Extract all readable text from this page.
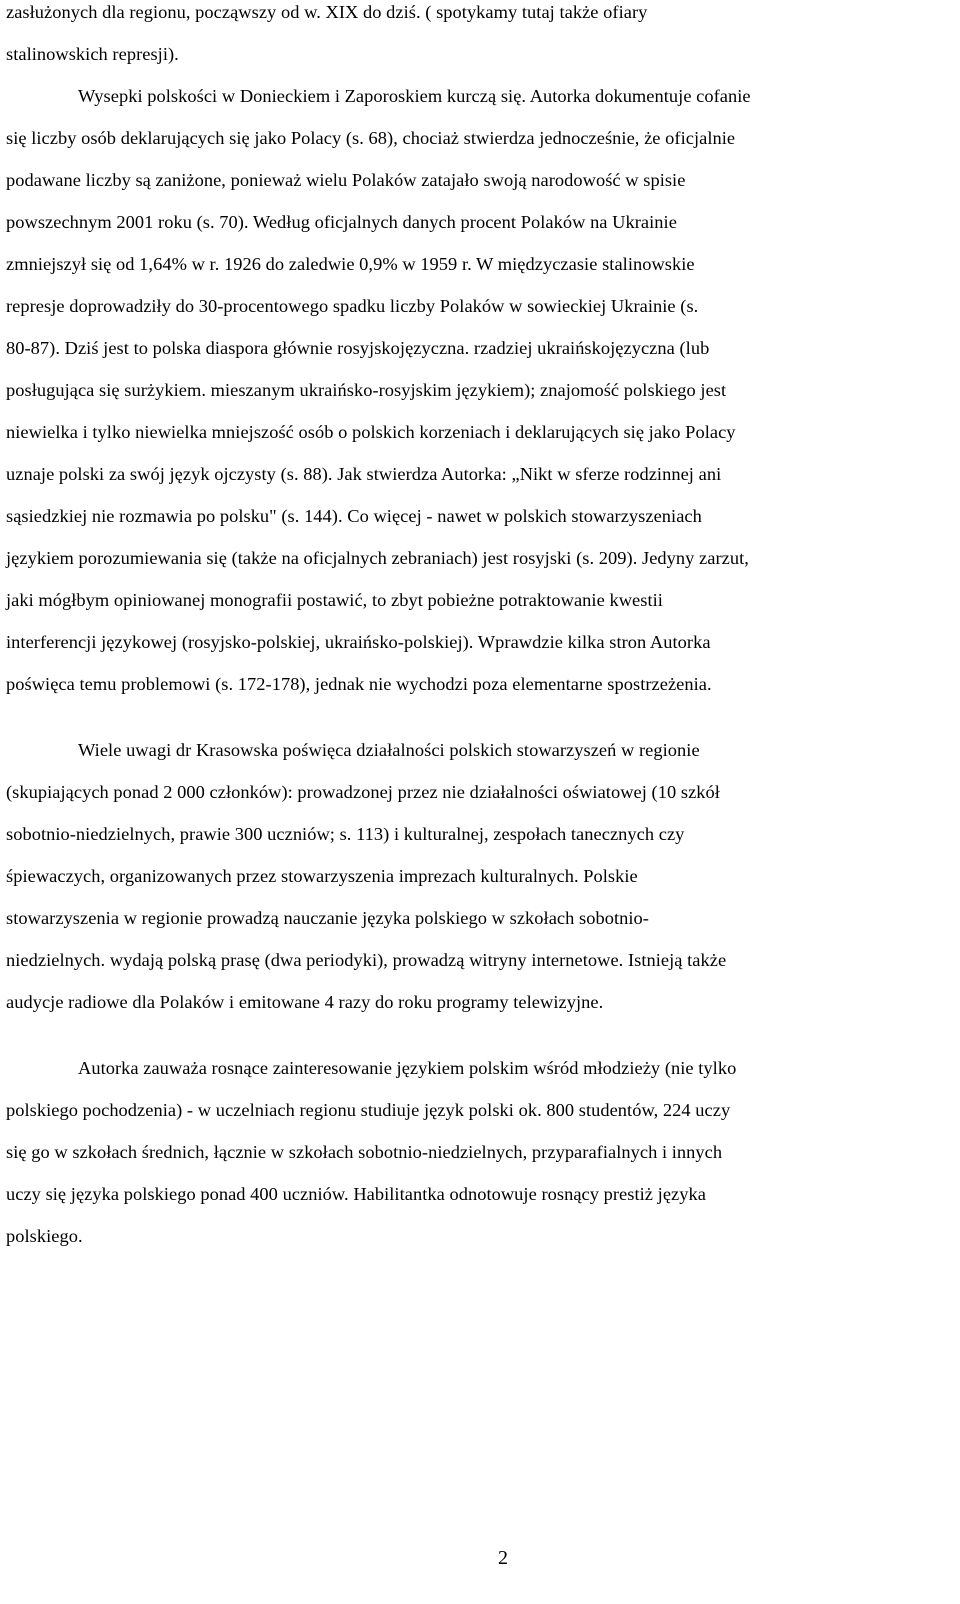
zasłużonych dla regionu, począwszy od w. XIX do dziś. ( spotykamy tutaj także ofiary
stalinowskich represji).
Wysepki polskości w Donieckiem i Zaporoskiem kurczą się. Autorka dokumentuje cofanie
się liczby osób deklarujących się jako Polacy (s. 68), chociaż stwierdza jednocześnie, że oficjalnie
podawane liczby są zaniżone, ponieważ wielu Polaków zatajało swoją narodowość w spisie
powszechnym 2001 roku (s. 70). Według oficjalnych danych procent Polaków na Ukrainie
zmniejszył się od 1,64% w r. 1926 do zaledwie 0,9% w 1959 r. W międzyczasie stalinowskie
represje doprowadziły do 30-procentowego spadku liczby Polaków w sowieckiej Ukrainie (s.
80-87). Dziś jest to polska diaspora głównie rosyjskojęzyczna. rzadziej ukraińskojęzyczna (lub
posługująca się surżykiem. mieszanym ukraińsko-rosyjskim językiem); znajomość polskiego jest
niewielka i tylko niewielka mniejszość osób o polskich korzeniach i deklarujących się jako Polacy
uznaje polski za swój język ojczysty (s. 88). Jak stwierdza Autorka: „Nikt w sferze rodzinnej ani
sąsiedzkiej nie rozmawia po polsku" (s. 144). Co więcej - nawet w polskich stowarzyszeniach
językiem porozumiewania się (także na oficjalnych zebraniach) jest rosyjski (s. 209). Jedyny zarzut,
jaki mógłbym opiniowanej monografii postawić, to zbyt pobieżne potraktowanie kwestii
interferencji językowej (rosyjsko-polskiej, ukraińsko-polskiej). Wprawdzie kilka stron Autorka
poświęca temu problemowi (s. 172-178), jednak nie wychodzi poza elementarne spostrzeżenia.
Wiele uwagi dr Krasowska poświęca działalności polskich stowarzyszeń w regionie
(skupiających ponad 2 000 członków): prowadzonej przez nie działalności oświatowej (10 szkół
sobotnio-niedzielnych, prawie 300 uczniów; s. 113) i kulturalnej, zespołach tanecznych czy
śpiewaczych, organizowanych przez stowarzyszenia imprezach kulturalnych. Polskie
stowarzyszenia w regionie prowadzą nauczanie języka polskiego w szkołach sobotnio-
niedzielnych. wydają polską prasę (dwa periodyki), prowadzą witryny internetowe. Istnieją także
audycje radiowe dla Polaków i emitowane 4 razy do roku programy telewizyjne.
Autorka zauważa rosnące zainteresowanie językiem polskim wśród młodzieży (nie tylko
polskiego pochodzenia) - w uczelniach regionu studiuje język polski ok. 800 studentów, 224 uczy
się go w szkołach średnich, łącznie w szkołach sobotnio-niedzielnych, przyparafialnych i innych
uczy się języka polskiego ponad 400 uczniów. Habilitantka odnotowuje rosnący prestiż języka
polskiego.
2
